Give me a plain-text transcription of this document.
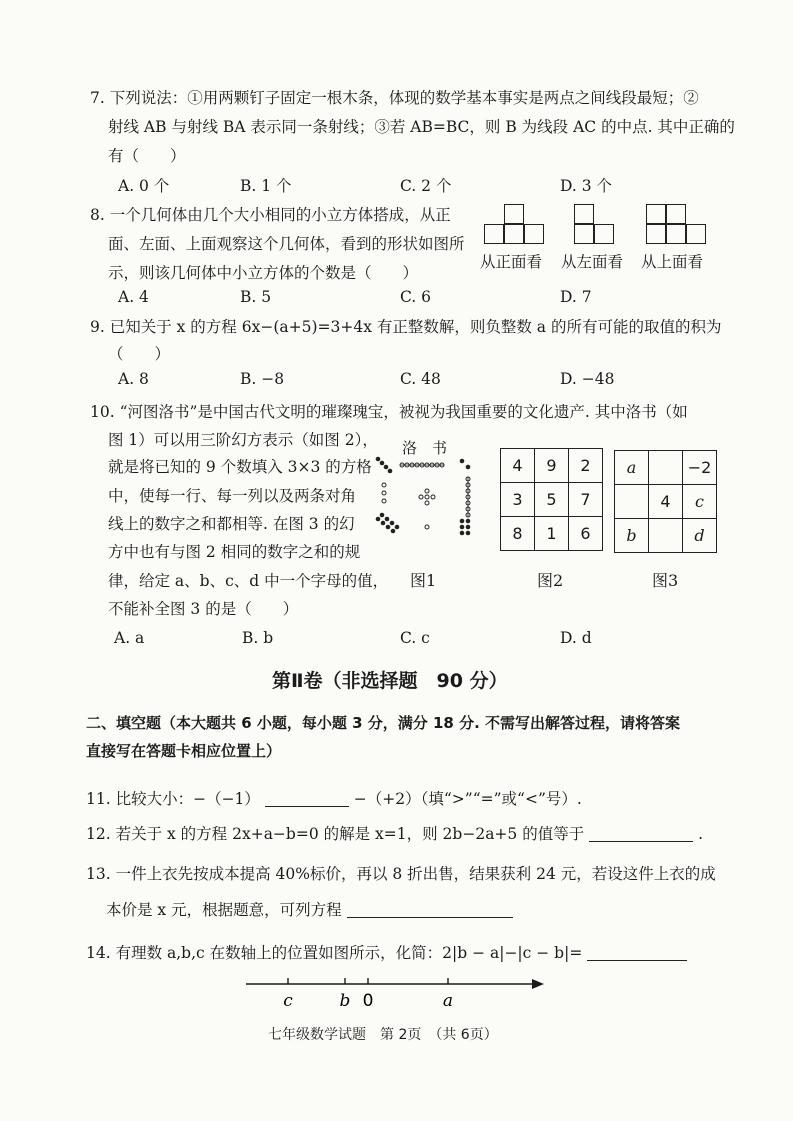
7. 下列说法：①用两颗钉子固定一根木条，体现的数学基本事实是两点之间线段最短；②
射线 AB 与射线 BA 表示同一条射线；③若 AB=BC，则 B 为线段 AC 的中点. 其中正确的
有（　　）
A. 0 个	B. 1 个	C. 2 个	D. 3 个
8. 一个几何体由几个大小相同的小立方体搭成，从正
面、左面、上面观察这个几何体，看到的形状如图所
示，则该几何体中小立方体的个数是（　　）
A. 4	B. 5	C. 6	D. 7
从正面看 从左面看 从上面看
9. 已知关于 x 的方程 6x−(a+5)=3+4x 有正整数解，则负整数 a 的所有可能的取值的积为
（　　）
A. 8	B. −8	C. 48	D. −48
10. “河图洛书”是中国古代文明的璀璨瑰宝，被视为我国重要的文化遗产. 其中洛书（如
图 1）可以用三阶幻方表示（如图 2），
就是将已知的 9 个数填入 3×3 的方格
中，使每一行、每一列以及两条对角
线上的数字之和都相等. 在图 3 的幻
方中也有与图 2 相同的数字之和的规
律，给定 a、b、c、d 中一个字母的值，
不能补全图 3 的是（　　）
洛　书
图1
4	9	2
3	5	7
8	1	6
图2
a		−2
	4	c
b		d
图3
A. a	B. b	C. c	D. d
第Ⅱ卷（非选择题　90 分）
二、填空题（本大题共 6 小题，每小题 3 分，满分 18 分. 不需写出解答过程，请将答案
直接写在答题卡相应位置上）
11. 比较大小：−（−1）	−（+2）（填“>”“=”或“<”号）.
12. 若关于 x 的方程 2x+a−b=0 的解是 x=1，则 2b−2a+5 的值等于	.
13. 一件上衣先按成本提高 40%标价，再以 8 折出售，结果获利 24 元，若设这件上衣的成
本价是 x 元，根据题意，可列方程
14. 有理数 a,b,c 在数轴上的位置如图所示，化简：2|b − a|−|c − b|=
c	b 0	a
七年级数学试题　第 2页　（共 6页）
